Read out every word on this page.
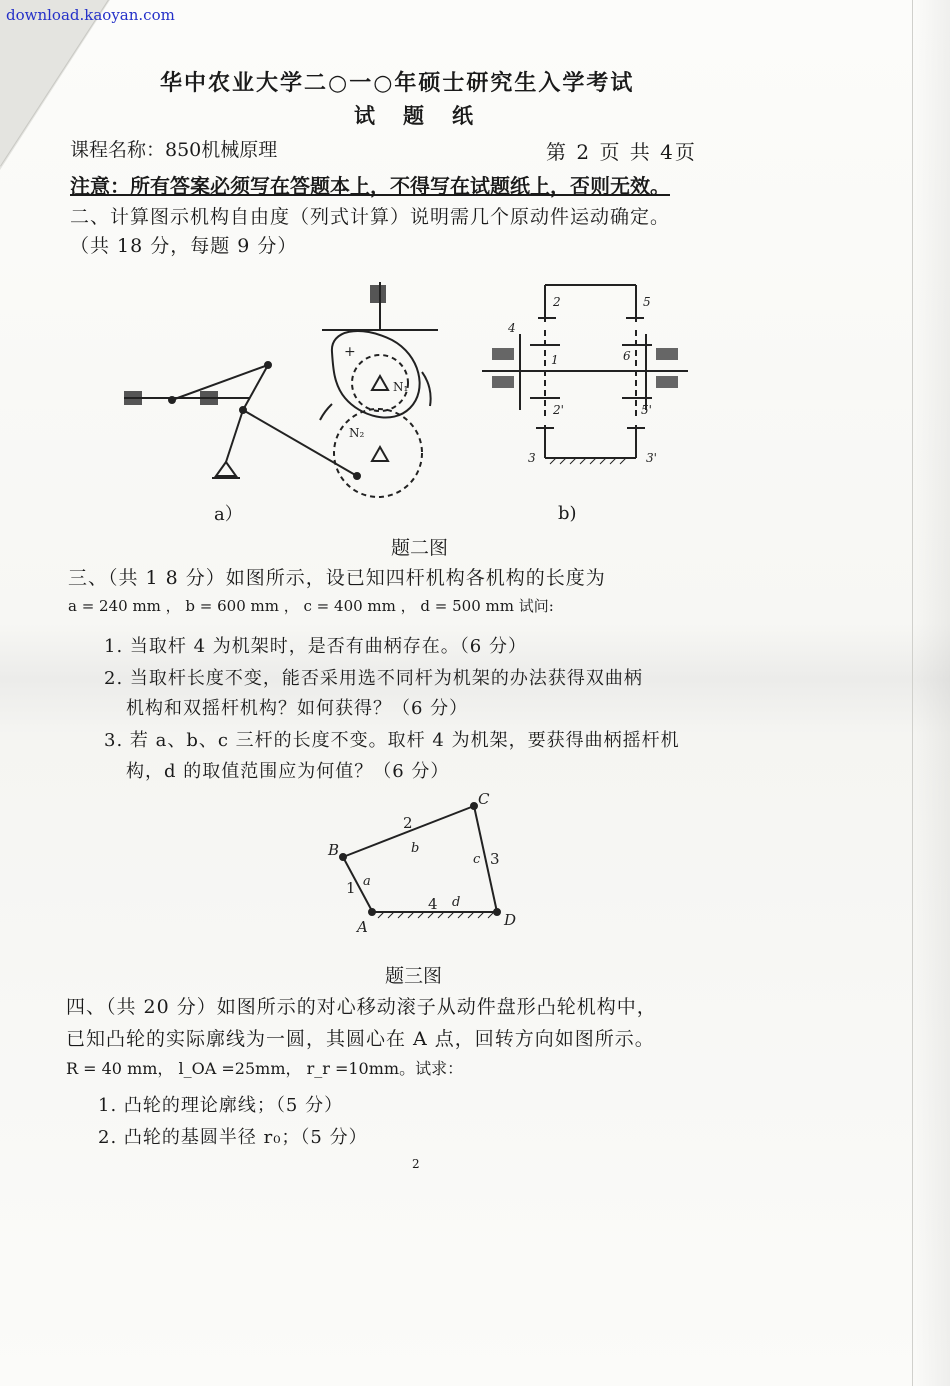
download.kaoyan.com
华中农业大学二○一○年硕士研究生入学考试
试题纸
课程名称：850机械原理	第 2 页 共 4页
注意：所有答案必须写在答题本上，不得写在试题纸上，否则无效。
二、计算图示机构自由度（列式计算）说明需几个原动件运动确定。
（共 18 分，每题 9 分）
+
N₁
N₂
2	5
4
1	6
2'	5'
3	3'
A
B
C
D
1
2
3
4
a
b
c
d
a）	b)
题二图
三、（共 1 8 分）如图所示，设已知四杆机构各机构的长度为
a = 240 mm ， b = 600 mm ， c = 400 mm ， d = 500 mm 试问:
1. 当取杆 4 为机架时，是否有曲柄存在。（6 分）
2. 当取杆长度不变，能否采用选不同杆为机架的办法获得双曲柄
机构和双摇杆机构？如何获得？（6 分）
3. 若 a、b、c 三杆的长度不变。取杆 4 为机架，要获得曲柄摇杆机
构，d 的取值范围应为何值？（6 分）
题三图
四、（共 20 分）如图所示的对心移动滚子从动件盘形凸轮机构中，
已知凸轮的实际廓线为一圆，其圆心在 A 点，回转方向如图所示。
R = 40 mm， l_OA =25mm， r_r =10mm。试求：
1. 凸轮的理论廓线；（5 分）
2. 凸轮的基圆半径 r₀；（5 分）
2
